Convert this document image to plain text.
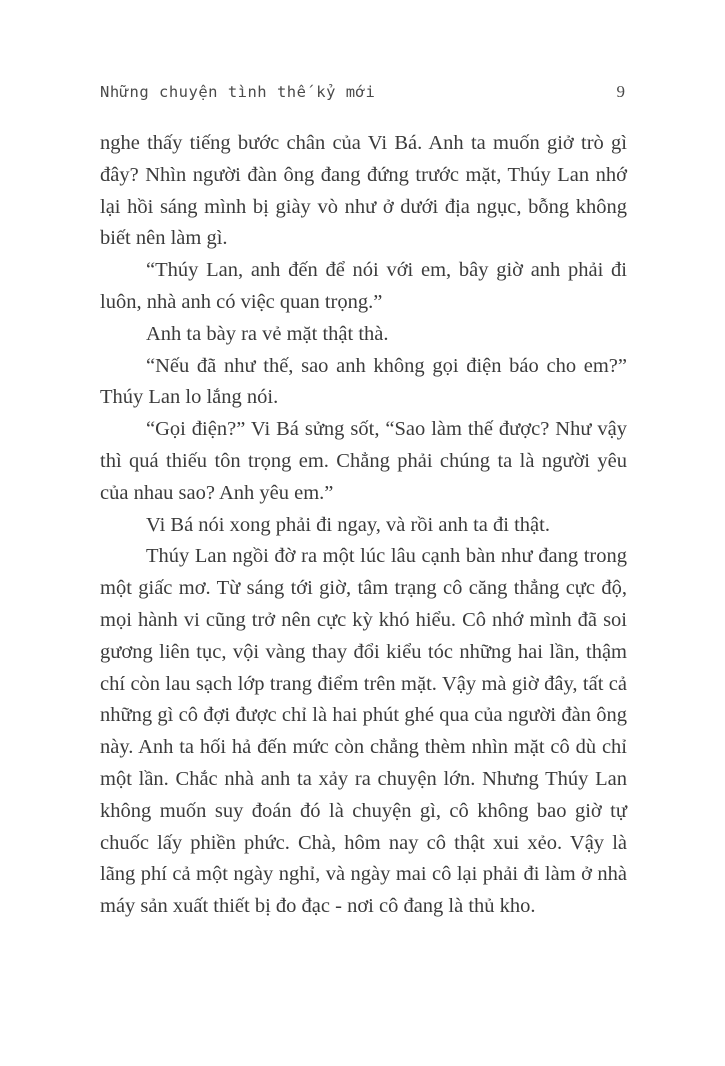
Những chuyện tình thế kỷ mới	9

nghe thấy tiếng bước chân của Vi Bá. Anh ta muốn giở trò gì đây? Nhìn người đàn ông đang đứng trước mặt, Thúy Lan nhớ lại hồi sáng mình bị giày vò như ở dưới địa ngục, bỗng không biết nên làm gì.

“Thúy Lan, anh đến để nói với em, bây giờ anh phải đi luôn, nhà anh có việc quan trọng.”

Anh ta bày ra vẻ mặt thật thà.

“Nếu đã như thế, sao anh không gọi điện báo cho em?” Thúy Lan lo lắng nói.

“Gọi điện?” Vi Bá sửng sốt, “Sao làm thế được? Như vậy thì quá thiếu tôn trọng em. Chẳng phải chúng ta là người yêu của nhau sao? Anh yêu em.”

Vi Bá nói xong phải đi ngay, và rồi anh ta đi thật.

Thúy Lan ngồi đờ ra một lúc lâu cạnh bàn như đang trong một giấc mơ. Từ sáng tới giờ, tâm trạng cô căng thẳng cực độ, mọi hành vi cũng trở nên cực kỳ khó hiểu. Cô nhớ mình đã soi gương liên tục, vội vàng thay đổi kiểu tóc những hai lần, thậm chí còn lau sạch lớp trang điểm trên mặt. Vậy mà giờ đây, tất cả những gì cô đợi được chỉ là hai phút ghé qua của người đàn ông này. Anh ta hối hả đến mức còn chẳng thèm nhìn mặt cô dù chỉ một lần. Chắc nhà anh ta xảy ra chuyện lớn. Nhưng Thúy Lan không muốn suy đoán đó là chuyện gì, cô không bao giờ tự chuốc lấy phiền phức. Chà, hôm nay cô thật xui xẻo. Vậy là lãng phí cả một ngày nghỉ, và ngày mai cô lại phải đi làm ở nhà máy sản xuất thiết bị đo đạc - nơi cô đang là thủ kho.
